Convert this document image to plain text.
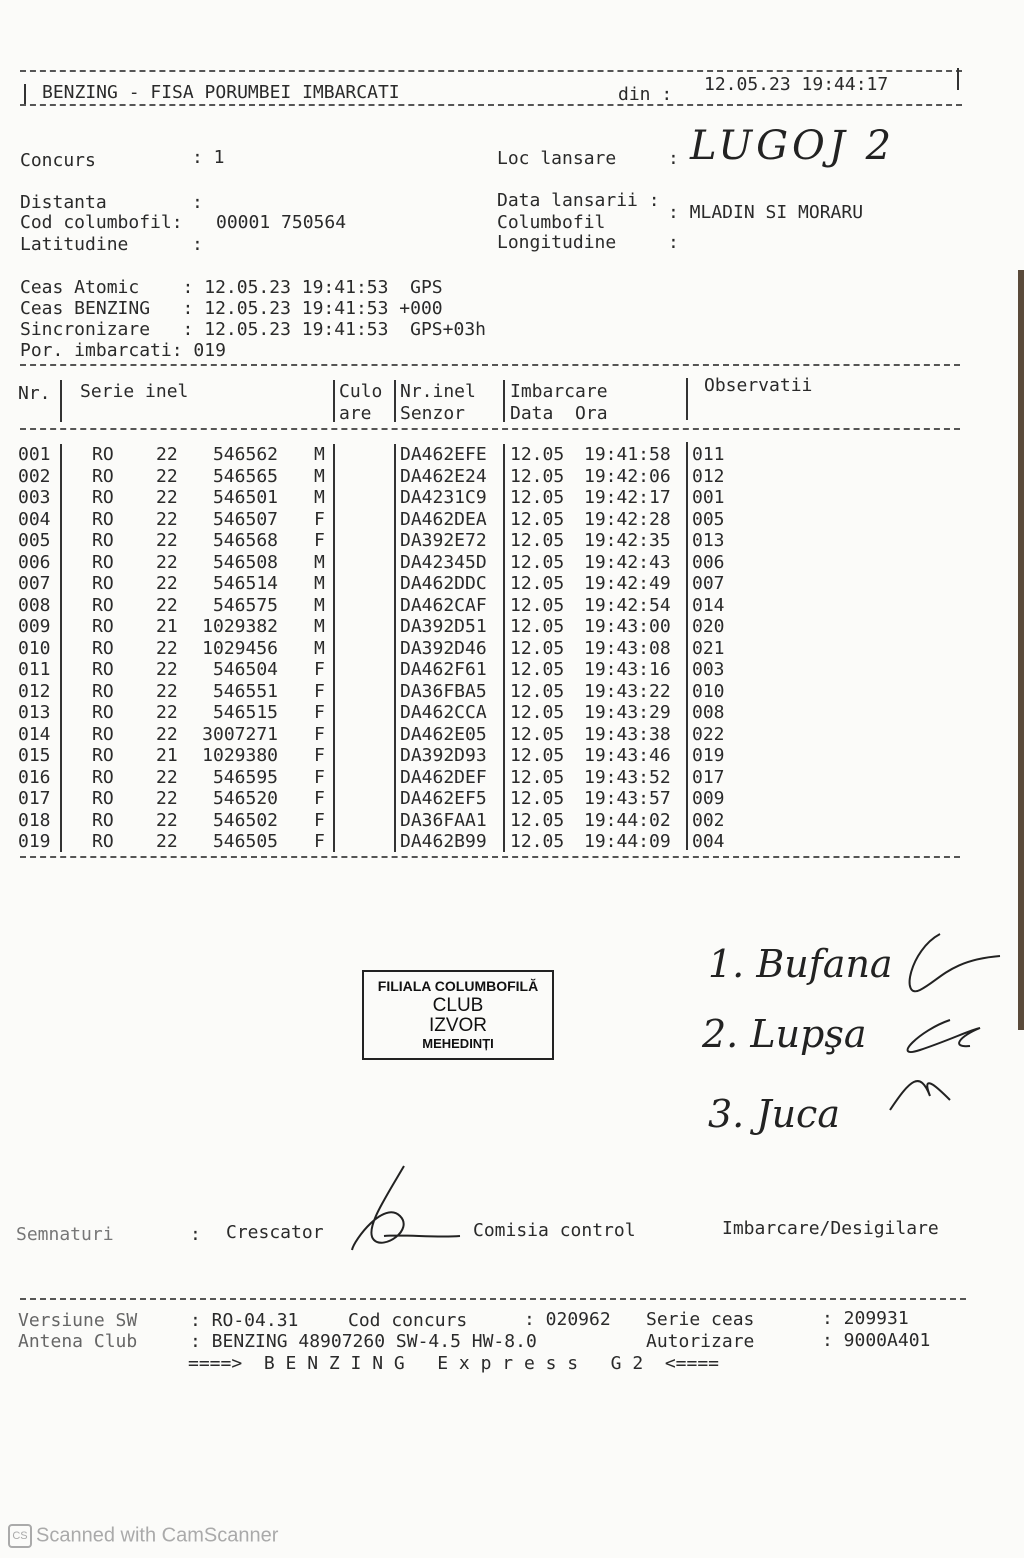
BENZING - FISA PORUMBEI IMBARCATI	din : 12.05.23 19:44:17
Concurs	: 1	Loc lansare	: LUGOJ 2
Distanta	:	Data lansarii :
Cod columbofil: 00001 750564	Columbofil	: MLADIN SI MORARU
Latitudine	:	Longitudine	:
Ceas Atomic    : 12.05.23 19:41:53  GPS
Ceas BENZING   : 12.05.23 19:41:53 +000
Sincronizare   : 12.05.23 19:41:53  GPS+03h
Por. imbarcati: 019
Nr. Serie inel	Culo
are
Nr.inel
Senzor
Imbarcare
Data  Ora
Observatii
001 RO 22 546562 M	DA462EFE 12.05 19:41:58 011
002 RO 22 546565 M	DA462E24 12.05 19:42:06 012
003 RO 22 546501 M	DA4231C9 12.05 19:42:17 001
004 RO 22 546507 F	DA462DEA 12.05 19:42:28 005
005 RO 22 546568 F	DA392E72 12.05 19:42:35 013
006 RO 22 546508 M	DA42345D 12.05 19:42:43 006
007 RO 22 546514 M	DA462DDC 12.05 19:42:49 007
008 RO 22 546575 M	DA462CAF 12.05 19:42:54 014
009 RO 21 1029382 M	DA392D51 12.05 19:43:00 020
010 RO 22 1029456 M	DA392D46 12.05 19:43:08 021
011 RO 22 546504 F	DA462F61 12.05 19:43:16 003
012 RO 22 546551 F	DA36FBA5 12.05 19:43:22 010
013 RO 22 546515 F	DA462CCA 12.05 19:43:29 008
014 RO 22 3007271 F	DA462E05 12.05 19:43:38 022
015 RO 21 1029380 F	DA392D93 12.05 19:43:46 019
016 RO 22 546595 F	DA462DEF 12.05 19:43:52 017
017 RO 22 546520 F	DA462EF5 12.05 19:43:57 009
018 RO 22 546502 F	DA36FAA1 12.05 19:44:02 002
019 RO 22 546505 F	DA462B99 12.05 19:44:09 004
FILIALA COLUMBOFILĂ
CLUB
IZVOR
MEHEDINȚI
1. Bufana
2. Lupşa
3. Juca
Semnaturi	: Crescator	Comisia control	Imbarcare/Desigilare
Versiune SW	: RO-04.31	Cod concurs	: 020962 Serie ceas	: 209931
Antena Club	: BENZING 48907260 SW-4.5 HW-8.0	Autorizare	: 9000A401
====>  B E N Z I N G   E x p r e s s   G 2  <====
CS Scanned with CamScanner
